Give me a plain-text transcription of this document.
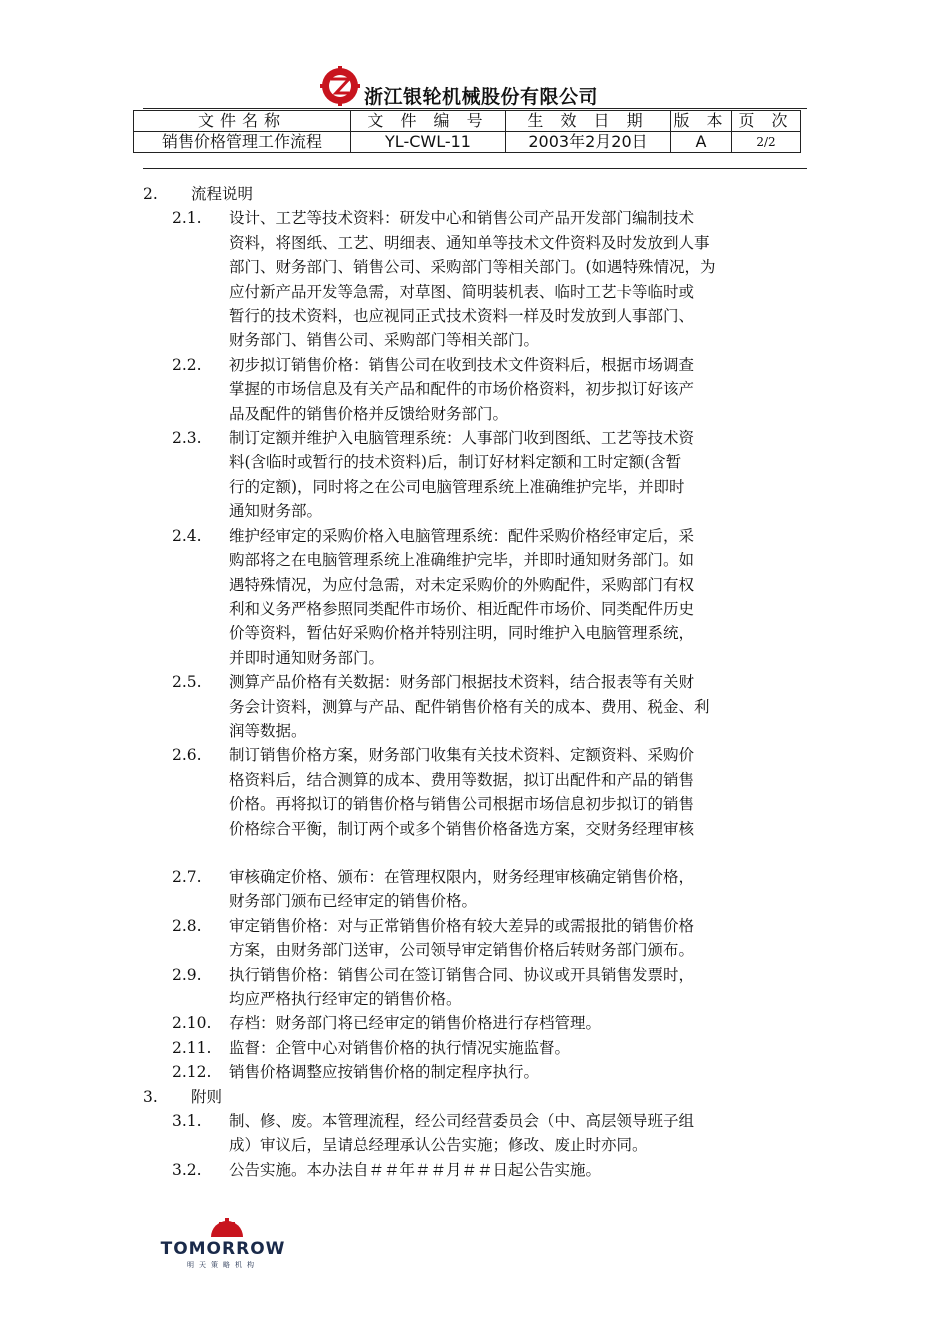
浙江银轮机械股份有限公司
文件名称	文 件 编 号	生 效 日 期	版 本	页 次
销售价格管理工作流程	YL-CWL-11	2003年2月20日	A	2/2
2.	流程说明
2.1.	设计、工艺等技术资料：研发中心和销售公司产品开发部门编制技术
资料，将图纸、工艺、明细表、通知单等技术文件资料及时发放到人事
部门、财务部门、销售公司、采购部门等相关部门。(如遇特殊情况，为
应付新产品开发等急需，对草图、简明装机表、临时工艺卡等临时或
暂行的技术资料，也应视同正式技术资料一样及时发放到人事部门、
财务部门、销售公司、采购部门等相关部门。
2.2.	初步拟订销售价格：销售公司在收到技术文件资料后，根据市场调查
掌握的市场信息及有关产品和配件的市场价格资料，初步拟订好该产
品及配件的销售价格并反馈给财务部门。
2.3.	制订定额并维护入电脑管理系统：人事部门收到图纸、工艺等技术资
料(含临时或暂行的技术资料)后，制订好材料定额和工时定额(含暂
行的定额)，同时将之在公司电脑管理系统上准确维护完毕，并即时
通知财务部。
2.4.	维护经审定的采购价格入电脑管理系统：配件采购价格经审定后，采
购部将之在电脑管理系统上准确维护完毕，并即时通知财务部门。如
遇特殊情况，为应付急需，对未定采购价的外购配件，采购部门有权
利和义务严格参照同类配件市场价、相近配件市场价、同类配件历史
价等资料，暂估好采购价格并特别注明，同时维护入电脑管理系统，
并即时通知财务部门。
2.5.	测算产品价格有关数据：财务部门根据技术资料，结合报表等有关财
务会计资料，测算与产品、配件销售价格有关的成本、费用、税金、利
润等数据。
2.6.	制订销售价格方案，财务部门收集有关技术资料、定额资料、采购价
格资料后，结合测算的成本、费用等数据，拟订出配件和产品的销售
价格。再将拟订的销售价格与销售公司根据市场信息初步拟订的销售
价格综合平衡，制订两个或多个销售价格备选方案，交财务经理审核
2.7.	审核确定价格、颁布：在管理权限内，财务经理审核确定销售价格，
财务部门颁布已经审定的销售价格。
2.8.	审定销售价格：对与正常销售价格有较大差异的或需报批的销售价格
方案，由财务部门送审，公司领导审定销售价格后转财务部门颁布。
2.9.	执行销售价格：销售公司在签订销售合同、协议或开具销售发票时，
均应严格执行经审定的销售价格。
2.10.	存档：财务部门将已经审定的销售价格进行存档管理。
2.11.	监督：企管中心对销售价格的执行情况实施监督。
2.12.	销售价格调整应按销售价格的制定程序执行。
3.	附则
3.1.	制、修、废。本管理流程，经公司经营委员会（中、高层领导班子组
成）审议后，呈请总经理承认公告实施；修改、废止时亦同。
3.2.	公告实施。本办法自＃＃年＃＃月＃＃日起公告实施。
TOMORROW
明天策略机构
